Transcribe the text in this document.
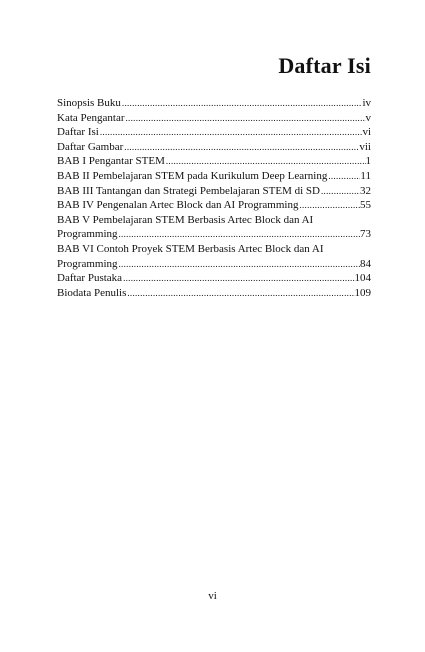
Daftar Isi
Sinopsis Buku .....	iv
Kata Pengantar .....	v
Daftar Isi .....	vi
Daftar Gambar .....	vii
BAB I Pengantar STEM .....	1
BAB II Pembelajaran STEM pada Kurikulum Deep Learning .....	11
BAB III Tantangan dan Strategi Pembelajaran STEM di SD .....	32
BAB IV Pengenalan Artec Block dan AI Programming .....	55
BAB V Pembelajaran STEM Berbasis Artec Block dan AI
Programming .....	73
BAB VI Contoh Proyek STEM Berbasis Artec Block dan AI
Programming .....	84
Daftar Pustaka .....	104
Biodata Penulis .....	109
vi
